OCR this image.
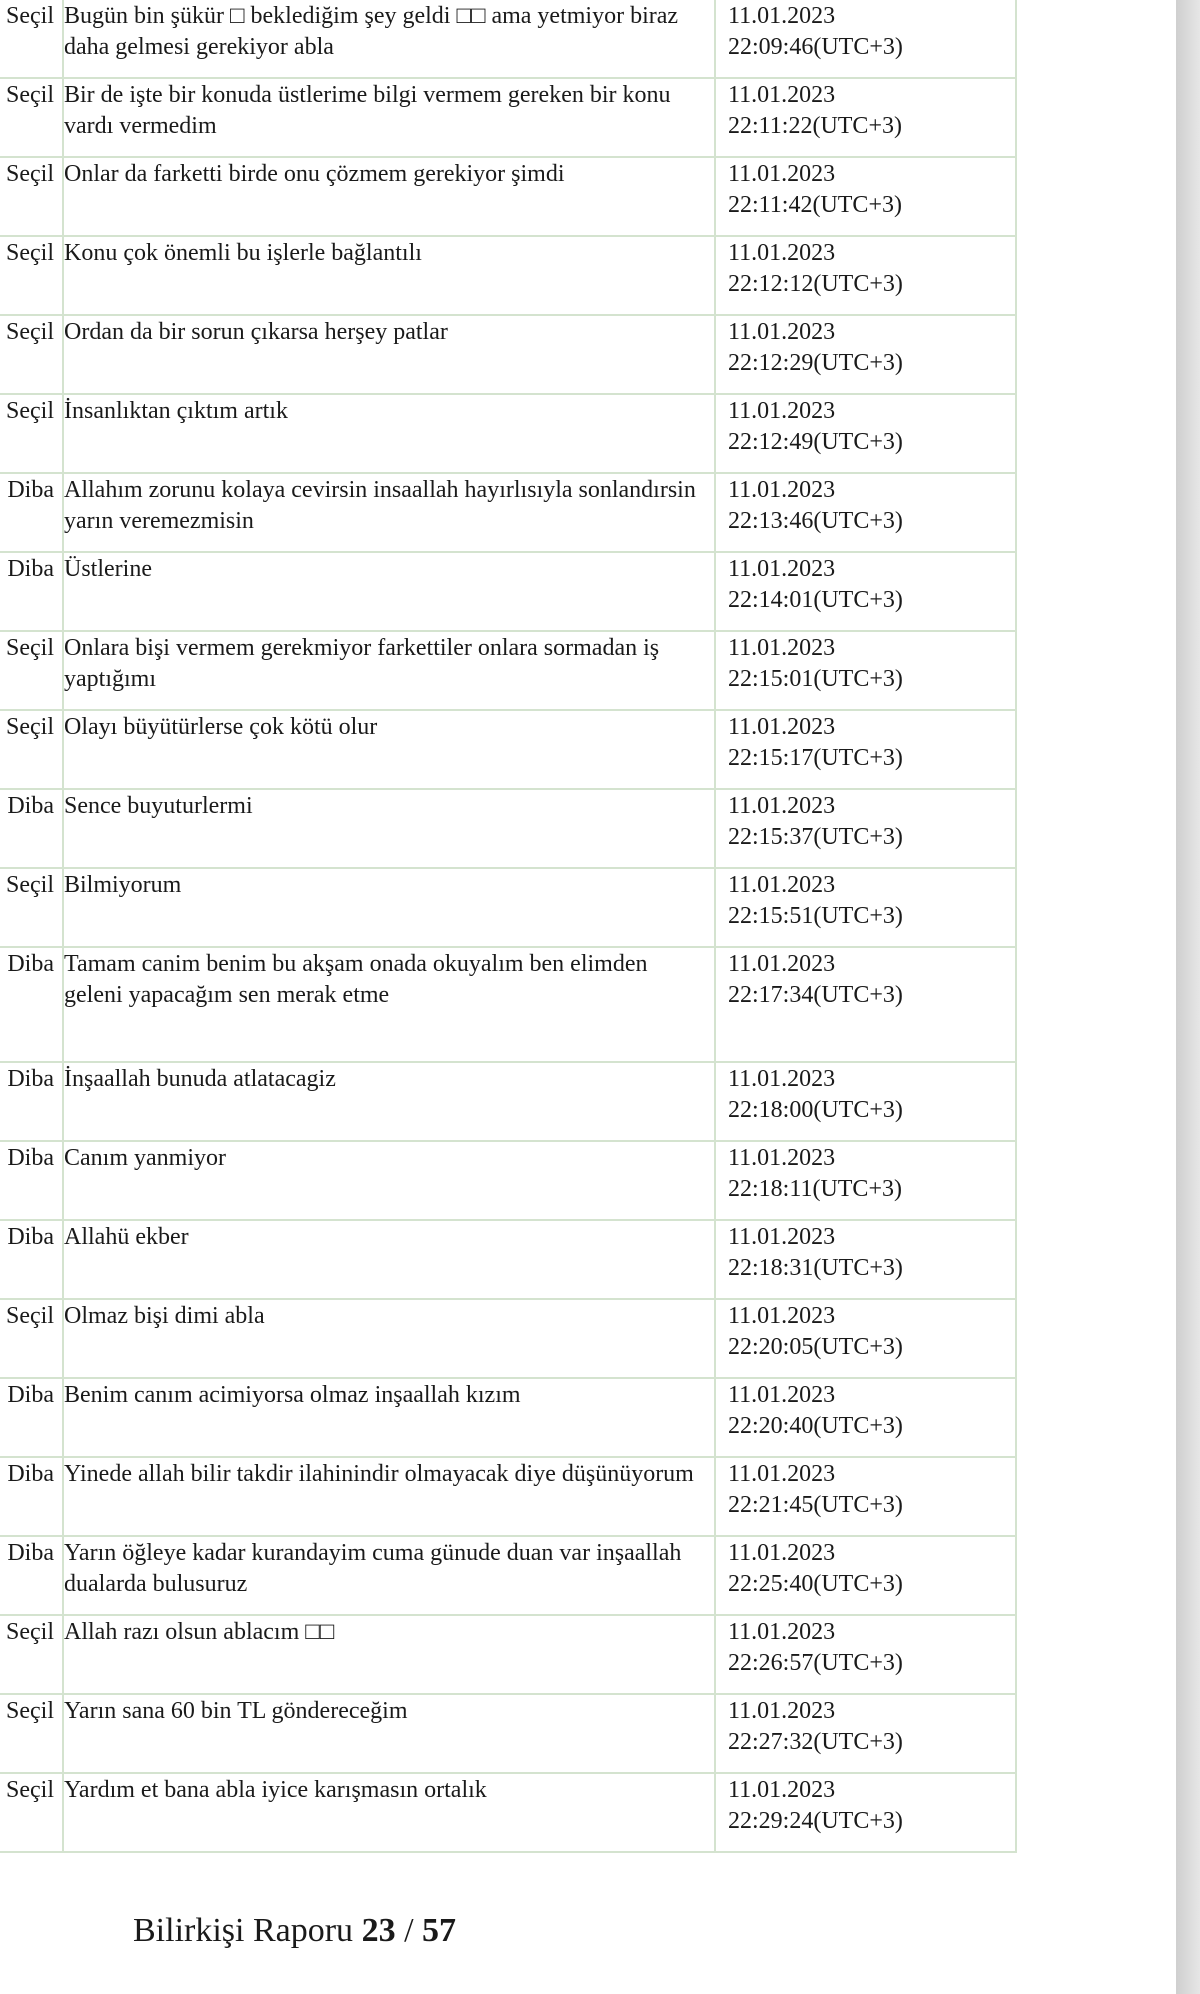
Seçil	Bugün bin şükür □ beklediğim şey geldi □□ ama yetmiyor biraz daha gelmesi gerekiyor abla	11.01.2023
22:09:46(UTC+3)

Seçil	Bir de işte bir konuda üstlerime bilgi vermem gereken bir konu vardı vermedim	11.01.2023
22:11:22(UTC+3)

Seçil	Onlar da farketti birde onu çözmem gerekiyor şimdi	11.01.2023
22:11:42(UTC+3)

Seçil	Konu çok önemli bu işlerle bağlantılı	11.01.2023
22:12:12(UTC+3)

Seçil	Ordan da bir sorun çıkarsa herşey patlar	11.01.2023
22:12:29(UTC+3)

Seçil	İnsanlıktan çıktım artık	11.01.2023
22:12:49(UTC+3)

Diba	Allahım zorunu kolaya cevirsin insaallah hayırlısıyla sonlandırsin yarın veremezmisin	11.01.2023
22:13:46(UTC+3)

Diba	Üstlerine	11.01.2023
22:14:01(UTC+3)

Seçil	Onlara bişi vermem gerekmiyor farkettiler onlara sormadan iş yaptığımı	11.01.2023
22:15:01(UTC+3)

Seçil	Olayı büyütürlerse çok kötü olur	11.01.2023
22:15:17(UTC+3)

Diba	Sence buyuturlermi	11.01.2023
22:15:37(UTC+3)

Seçil	Bilmiyorum	11.01.2023
22:15:51(UTC+3)

Diba	Tamam canim benim bu akşam onada okuyalım ben elimden geleni yapacağım sen merak etme	11.01.2023
22:17:34(UTC+3)

Diba	İnşaallah bunuda atlatacagiz	11.01.2023
22:18:00(UTC+3)

Diba	Canım yanmiyor	11.01.2023
22:18:11(UTC+3)

Diba	Allahü ekber	11.01.2023
22:18:31(UTC+3)

Seçil	Olmaz bişi dimi abla	11.01.2023
22:20:05(UTC+3)

Diba	Benim canım acimiyorsa olmaz inşaallah kızım	11.01.2023
22:20:40(UTC+3)

Diba	Yinede allah bilir takdir ilahinindir olmayacak diye düşünüyorum	11.01.2023
22:21:45(UTC+3)

Diba	Yarın öğleye kadar kurandayim cuma günude duan var inşaallah dualarda bulusuruz	11.01.2023
22:25:40(UTC+3)

Seçil	Allah razı olsun ablacım □□	11.01.2023
22:26:57(UTC+3)

Seçil	Yarın sana 60 bin TL göndereceğim	11.01.2023
22:27:32(UTC+3)

Seçil	Yardım et bana abla iyice karışmasın ortalık	11.01.2023
22:29:24(UTC+3)
Bilirkişi Raporu 23 / 57
